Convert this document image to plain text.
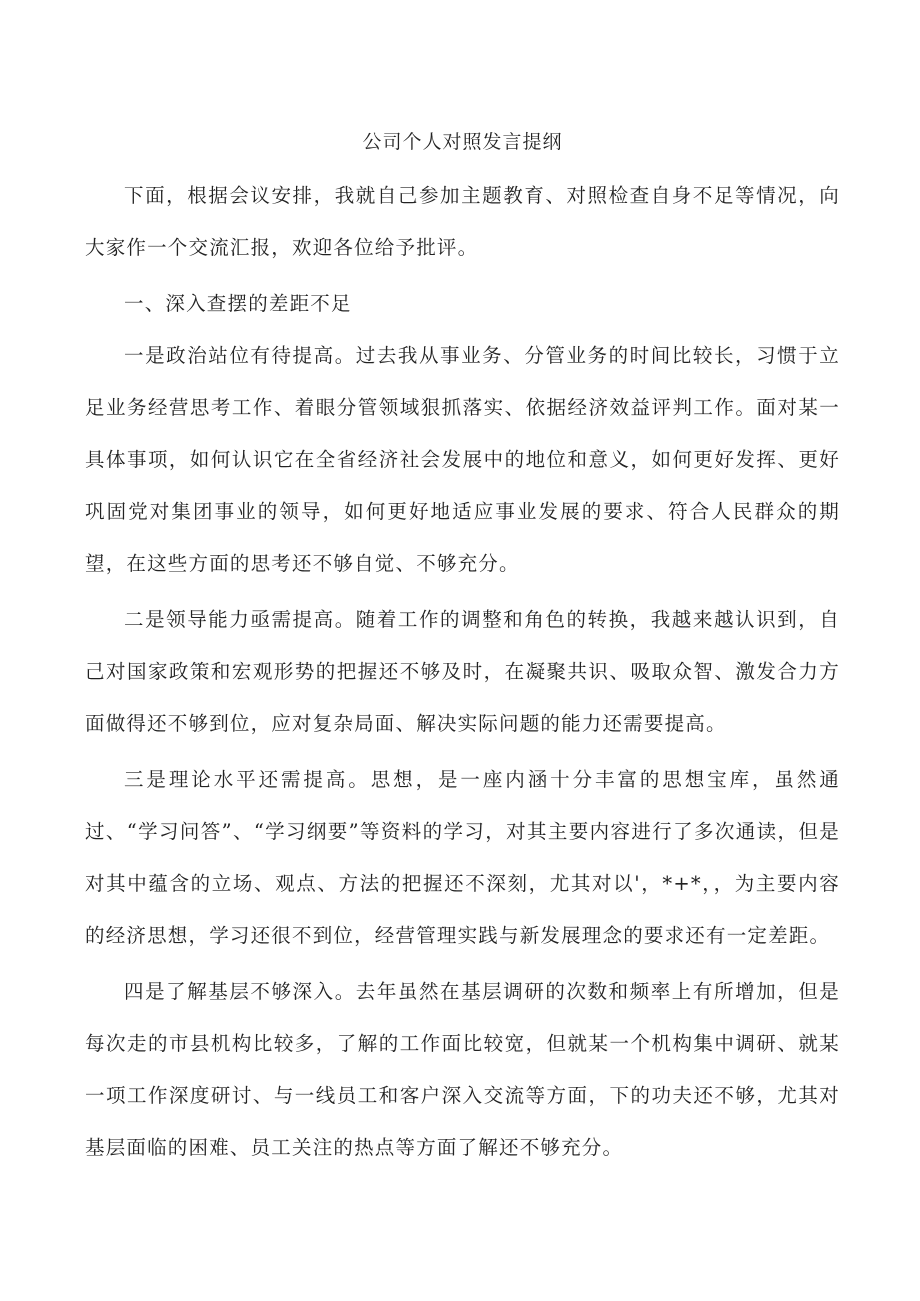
公司个人对照发言提纲

下面，根据会议安排，我就自己参加主题教育、对照检查自身不足等情况，向大家作一个交流汇报，欢迎各位给予批评。

一、深入查摆的差距不足

一是政治站位有待提高。过去我从事业务、分管业务的时间比较长，习惯于立足业务经营思考工作、着眼分管领域狠抓落实、依据经济效益评判工作。面对某一具体事项，如何认识它在全省经济社会发展中的地位和意义，如何更好发挥、更好巩固党对集团事业的领导，如何更好地适应事业发展的要求、符合人民群众的期望，在这些方面的思考还不够自觉、不够充分。

二是领导能力亟需提高。随着工作的调整和角色的转换，我越来越认识到，自己对国家政策和宏观形势的把握还不够及时，在凝聚共识、吸取众智、激发合力方面做得还不够到位，应对复杂局面、解决实际问题的能力还需要提高。

三是理论水平还需提高。思想，是一座内涵十分丰富的思想宝库，虽然通过、“学习问答”、“学习纲要”等资料的学习，对其主要内容进行了多次通读，但是对其中蕴含的立场、观点、方法的把握还不深刻，尤其对以'，*+*，，为主要内容的经济思想，学习还很不到位，经营管理实践与新发展理念的要求还有一定差距。

四是了解基层不够深入。去年虽然在基层调研的次数和频率上有所增加，但是每次走的市县机构比较多，了解的工作面比较宽，但就某一个机构集中调研、就某一项工作深度研讨、与一线员工和客户深入交流等方面，下的功夫还不够，尤其对基层面临的困难、员工关注的热点等方面了解还不够充分。
